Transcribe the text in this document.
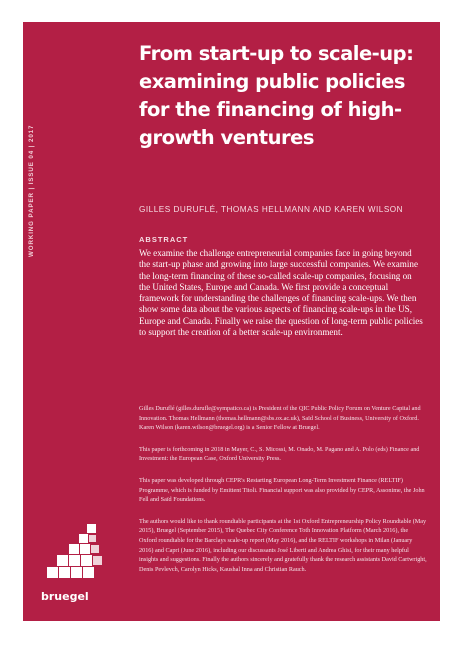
WORKING PAPER | ISSUE 04 | 2017
From start-up to scale-up: examining public policies for the financing of high-growth ventures
GILLES DURUFLÉ, THOMAS HELLMANN AND KAREN WILSON
ABSTRACT

We examine the challenge entrepreneurial companies face in going beyond the start-up phase and growing into large successful companies. We examine the long-term financing of these so-called scale-up companies, focusing on the United States, Europe and Canada. We first provide a conceptual framework for understanding the challenges of financing scale-ups. We then show some data about the various aspects of financing scale-ups in the US, Europe and Canada. Finally we raise the question of long-term public policies to support the creation of a better scale-up environment.

Gilles Duruflé (gilles.durufle@sympatico.ca) is President of the QIC Public Policy Forum on Venture Capital and Innovation. Thomas Hellmann (thomas.hellmann@sbs.ox.ac.uk), Saïd School of Business, University of Oxford. Karen Wilson (karen.wilson@bruegel.org) is a Senior Fellow at Bruegel.

This paper is forthcoming in 2018 in Mayer, C., S. Micossi, M. Onado, M. Pagano and A. Polo (eds) Finance and Investment: the European Case, Oxford University Press.

This paper was developed through CEPR's Restarting European Long-Term Investment Finance (RELTIF) Programme, which is funded by Emittent Titoli. Financial support was also provided by CEPR, Assonime, the John Fell and Saïd Foundations.

The authors would like to thank roundtable participants at the 1st Oxford Entrepreneurship Policy Roundtable (May 2015), Bruegel (September 2015), The Quebec City Conference Toth Innovation Platform (March 2016), the Oxford roundtable for the Barclays scale-up report (May 2016), and the RELTIF workshops in Milan (January 2016) and Capri (June 2016), including our discussants José Liberti and Andrea Ghisi, for their many helpful insights and suggestions. Finally the authors sincerely and gratefully thank the research assistants David Cartwright, Denis Pevlevch, Carolyn Hicks, Kaushal Inna and Christian Rauch.

bruegel
